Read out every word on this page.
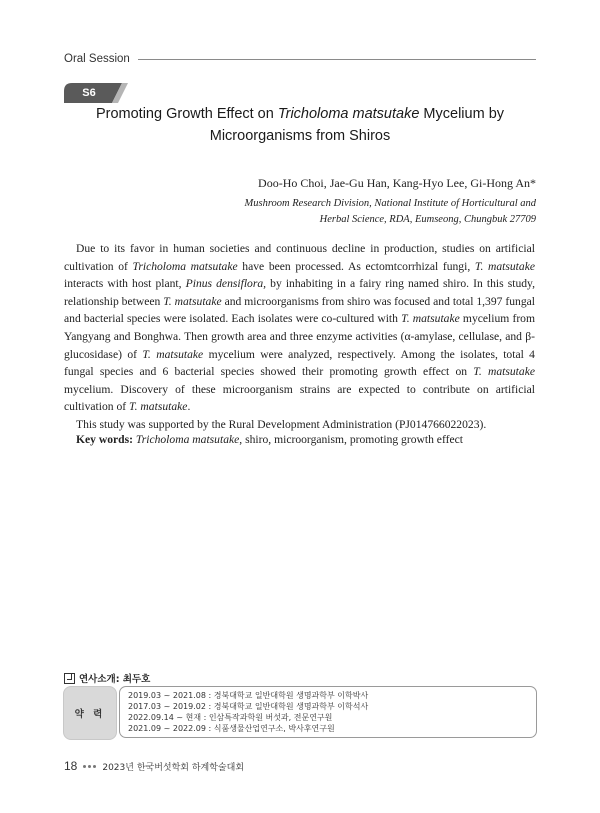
Oral Session
S6
Promoting Growth Effect on Tricholoma matsutake Mycelium by
Microorganisms from Shiros
Doo-Ho Choi, Jae-Gu Han, Kang-Hyo Lee, Gi-Hong An*
Mushroom Research Division, National Institute of Horticultural and
Herbal Science, RDA, Eumseong, Chungbuk 27709

Due to its favor in human societies and continuous decline in production, studies on artificial cultivation of Tricholoma matsutake have been processed. As ectomtcorrhizal fungi, T. matsutake interacts with host plant, Pinus densiflora, by inhabiting in a fairy ring named shiro. In this study, relationship between T. matsutake and microorganisms from shiro was focused and total 1,397 fungal and bacterial species were isolated. Each isolates were co-cultured with T. matsutake mycelium from Yangyang and Bonghwa. Then growth area and three enzyme activities (α-amylase, cellulase, and β-glucosidase) of T. matsutake mycelium were analyzed, respectively. Among the isolates, total 4 fungal species and 6 bacterial species showed their promoting growth effect on T. matsutake mycelium. Discovery of these microorganism strains are expected to contribute on artificial cultivation of T. matsutake.

This study was supported by the Rural Development Administration (PJ014766022023).

Key words: Tricholoma matsutake, shiro, microorganism, promoting growth effect
연사소개: 최두호
약 력
2019.03 ~ 2021.08 : 경북대학교 일반대학원 생명과학부 이학박사
2017.03 ~ 2019.02 : 경북대학교 일반대학원 생명과학부 이학석사
2022.09.14 ~ 현재 : 인삼특작과학원 버섯과, 전문연구원
2021.09 ~ 2022.09 : 식품생물산업연구소, 박사후연구원
18	2023년 한국버섯학회 하계학술대회
